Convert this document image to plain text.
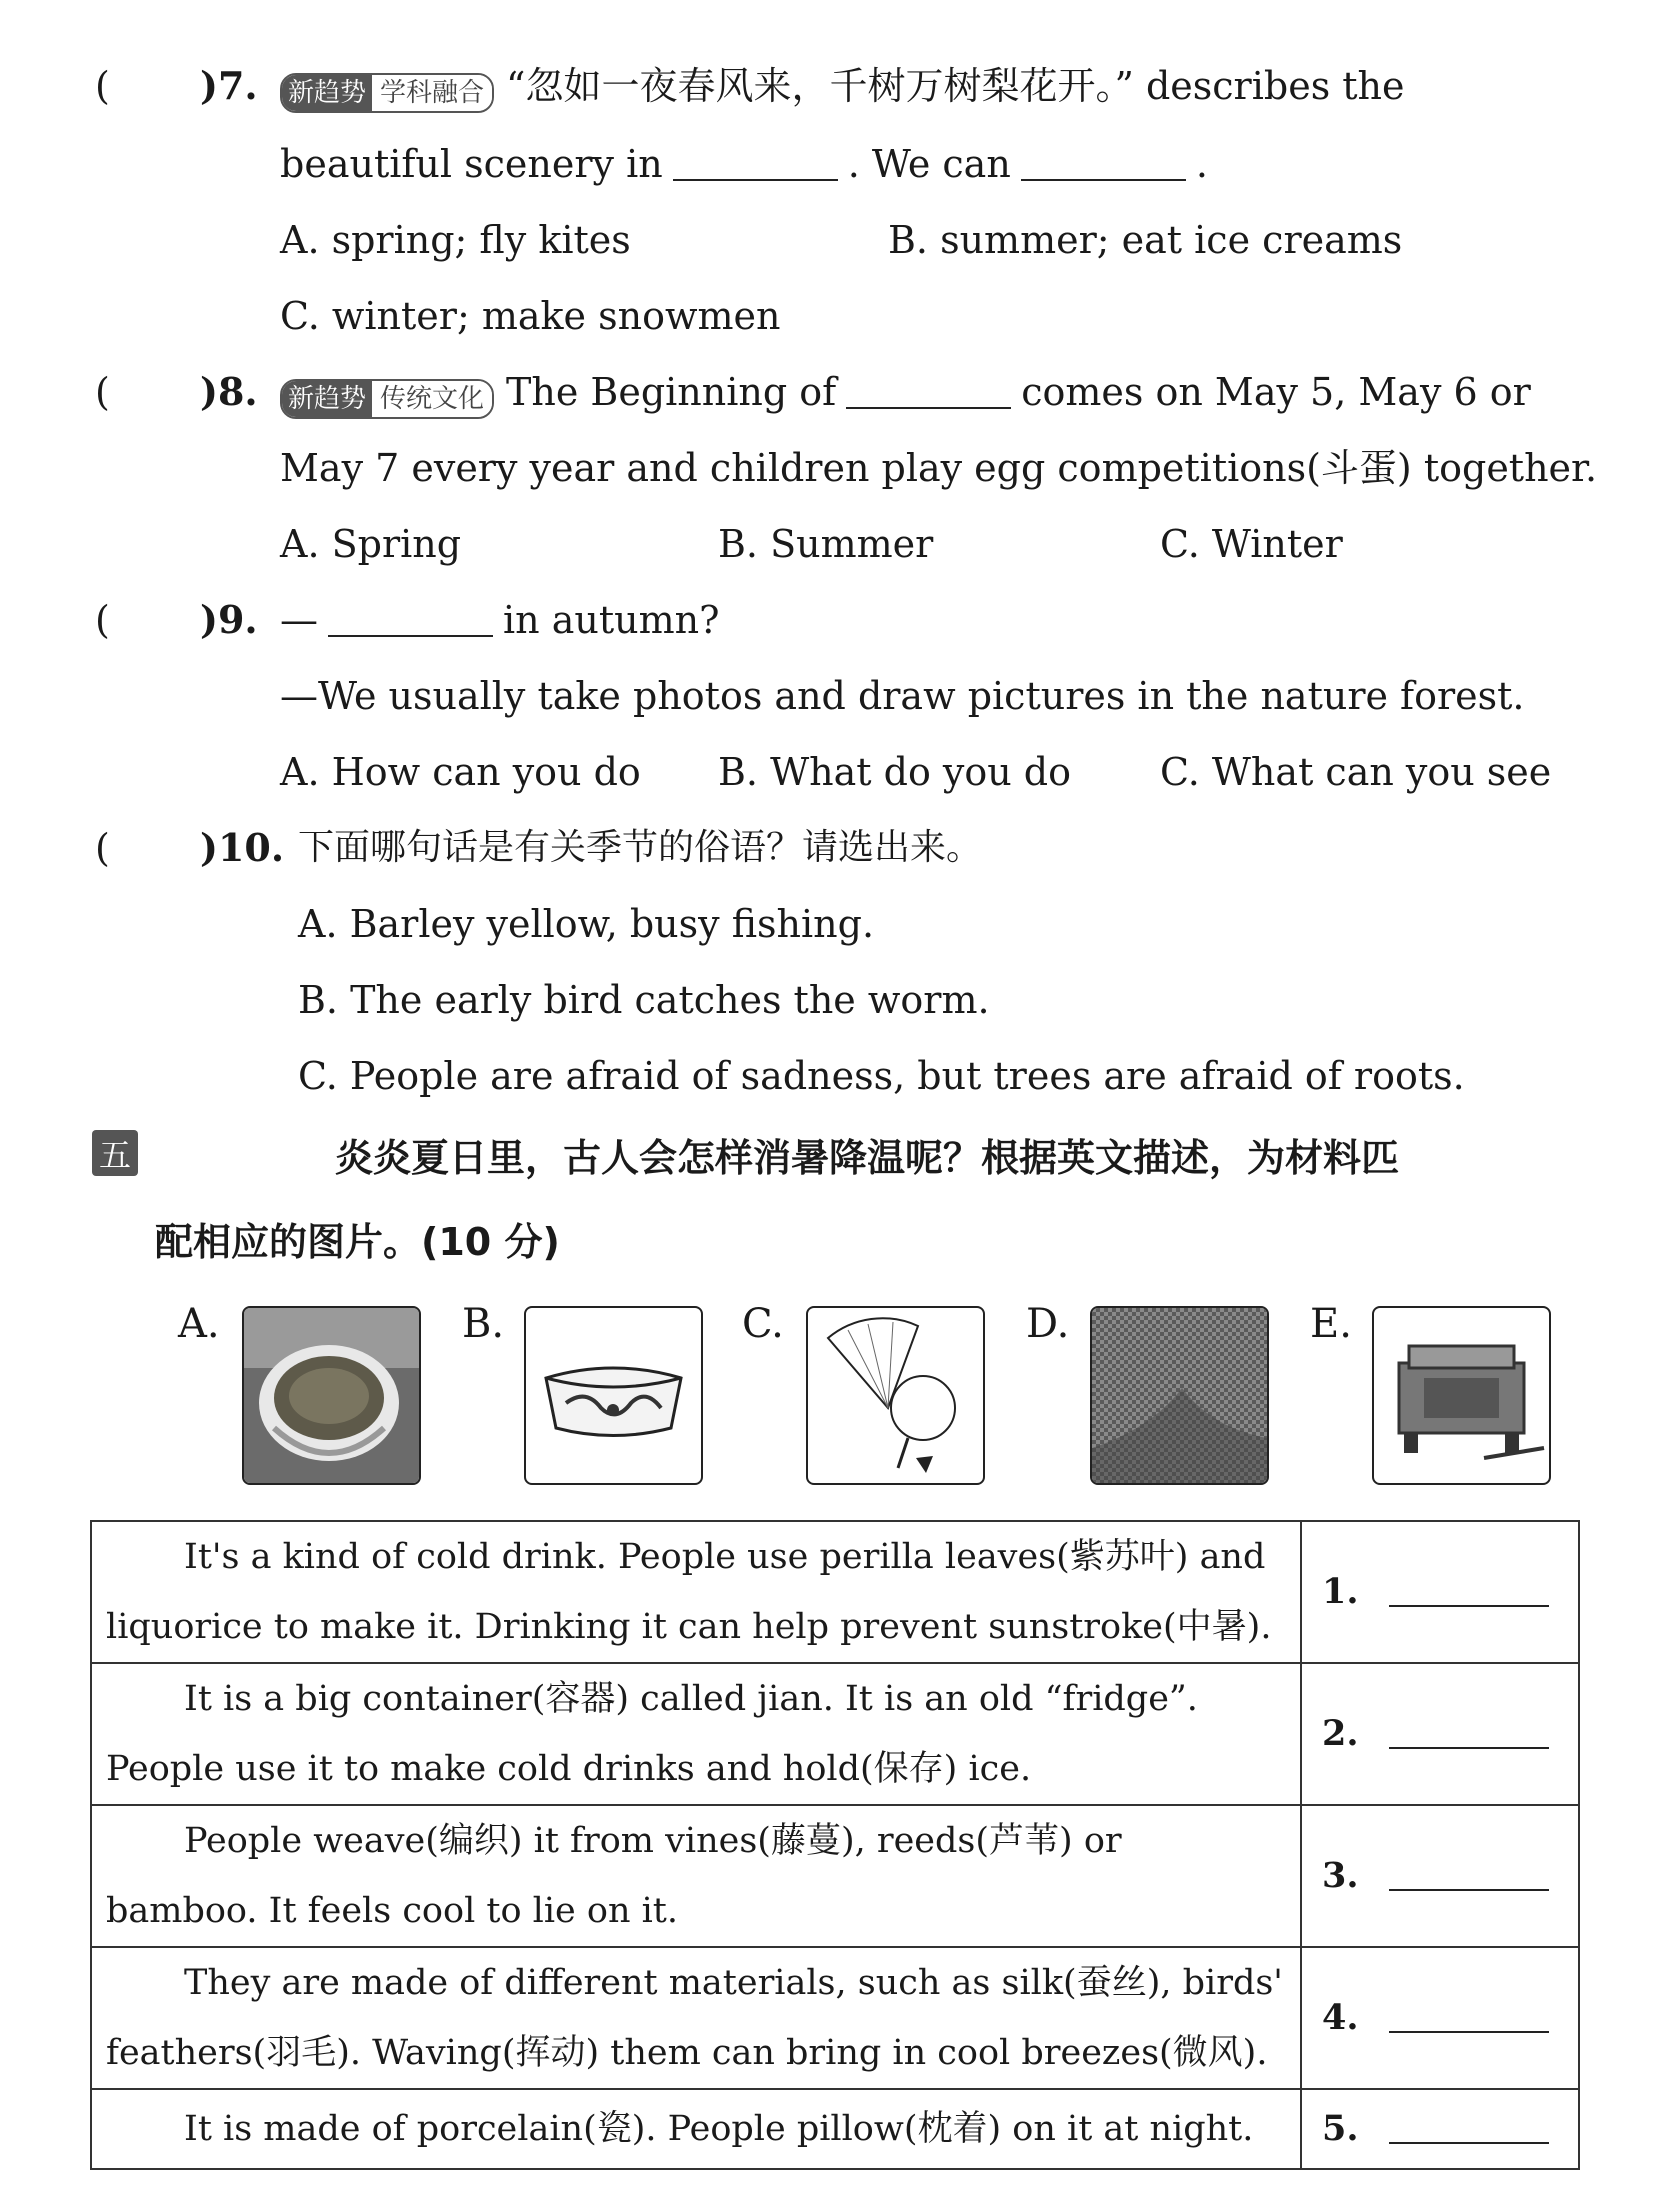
( )7. 新趋势 学科融合 “忽如一夜春风来，千树万树梨花开。” describes the
beautiful scenery in	. We can	.
A. spring; fly kites	B. summer; eat ice creams
C. winter; make snowmen
( )8. 新趋势 传统文化 The Beginning of	comes on May 5, May 6 or
May 7 every year and children play egg competitions(斗蛋) together.
A. Spring	B. Summer	C. Winter
( )9. —	in autumn?
—We usually take photos and draw pictures in the nature forest.
A. How can you do B. What do you do C. What can you see
( )10. 下面哪句话是有关季节的俗语？请选出来。
A. Barley yellow, busy fishing.
B. The early bird catches the worm.
C. People are afraid of sadness, but trees are afraid of roots.
五	炎炎夏日里，古人会怎样消暑降温呢？根据英文描述，为材料匹
配相应的图片。(10 分)
A.	B.	C.	D.	E.
It's a kind of cold drink. People use perilla leaves(紫苏叶) and
liquorice to make it. Drinking it can help prevent sunstroke(中暑).	1.
It is a big container(容器) called jian. It is an old “fridge”.
People use it to make cold drinks and hold(保存) ice.	2.
People weave(编织) it from vines(藤蔓), reeds(芦苇) or
bamboo. It feels cool to lie on it.	3.
They are made of different materials, such as silk(蚕丝), birds'
feathers(羽毛). Waving(挥动) them can bring in cool breezes(微风).	4.
It is made of porcelain(瓷). People pillow(枕着) on it at night.	5.
